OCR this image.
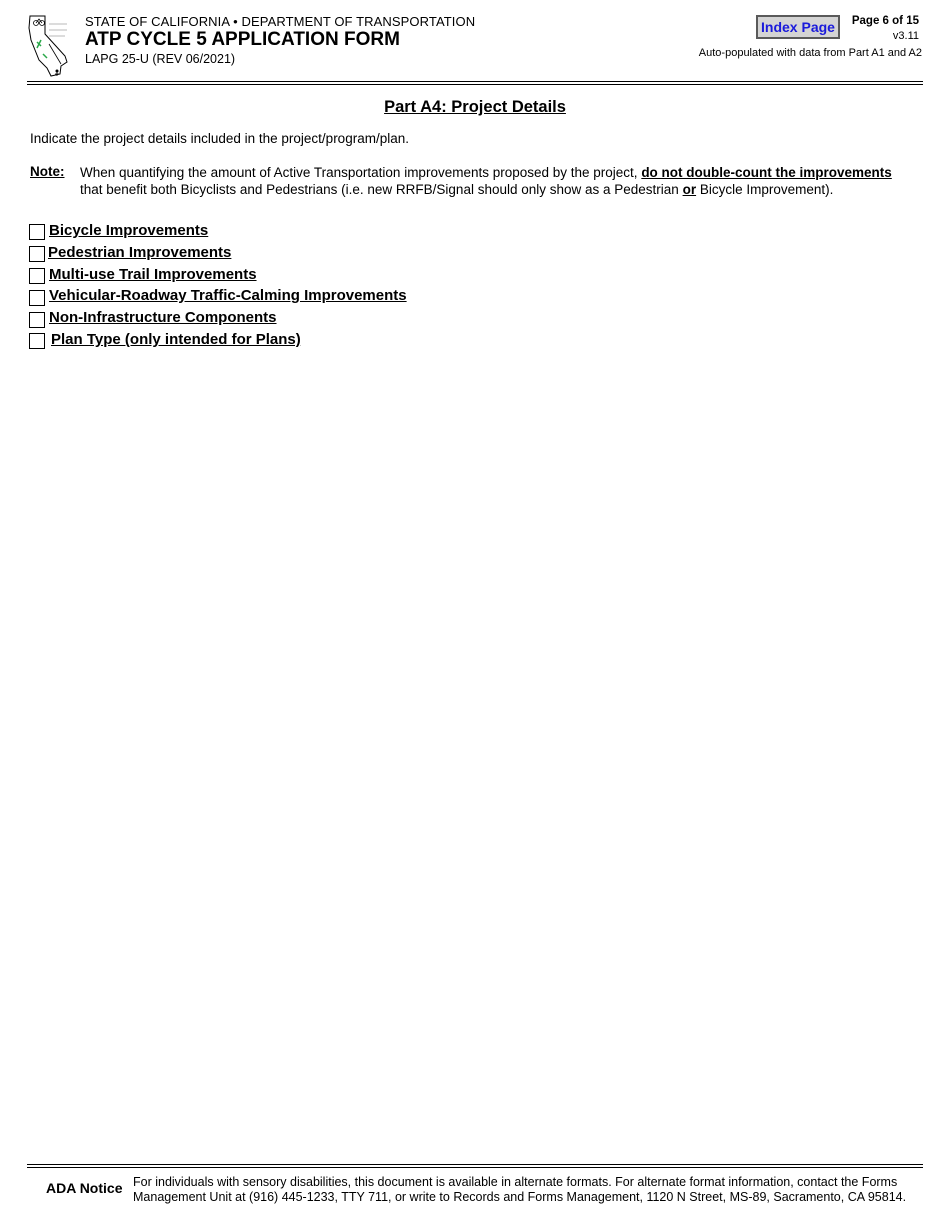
STATE OF CALIFORNIA • DEPARTMENT OF TRANSPORTATION
ATP CYCLE 5 APPLICATION FORM
LAPG 25-U (REV 06/2021)
Index Page	Page 6 of 15
v3.11
Auto-populated with data from Part A1 and A2
Part A4: Project Details
Indicate the project details included in the project/program/plan.
Note: When quantifying the amount of Active Transportation improvements proposed by the project, do not double-count the improvements that benefit both Bicyclists and Pedestrians (i.e. new RRFB/Signal should only show as a Pedestrian or Bicycle Improvement).
Bicycle Improvements
Pedestrian Improvements
Multi-use Trail Improvements
Vehicular-Roadway Traffic-Calming Improvements
Non-Infrastructure Components
Plan Type (only intended for Plans)
ADA Notice For individuals with sensory disabilities, this document is available in alternate formats. For alternate format information, contact the Forms Management Unit at (916) 445-1233, TTY 711, or write to Records and Forms Management, 1120 N Street, MS-89, Sacramento, CA 95814.
